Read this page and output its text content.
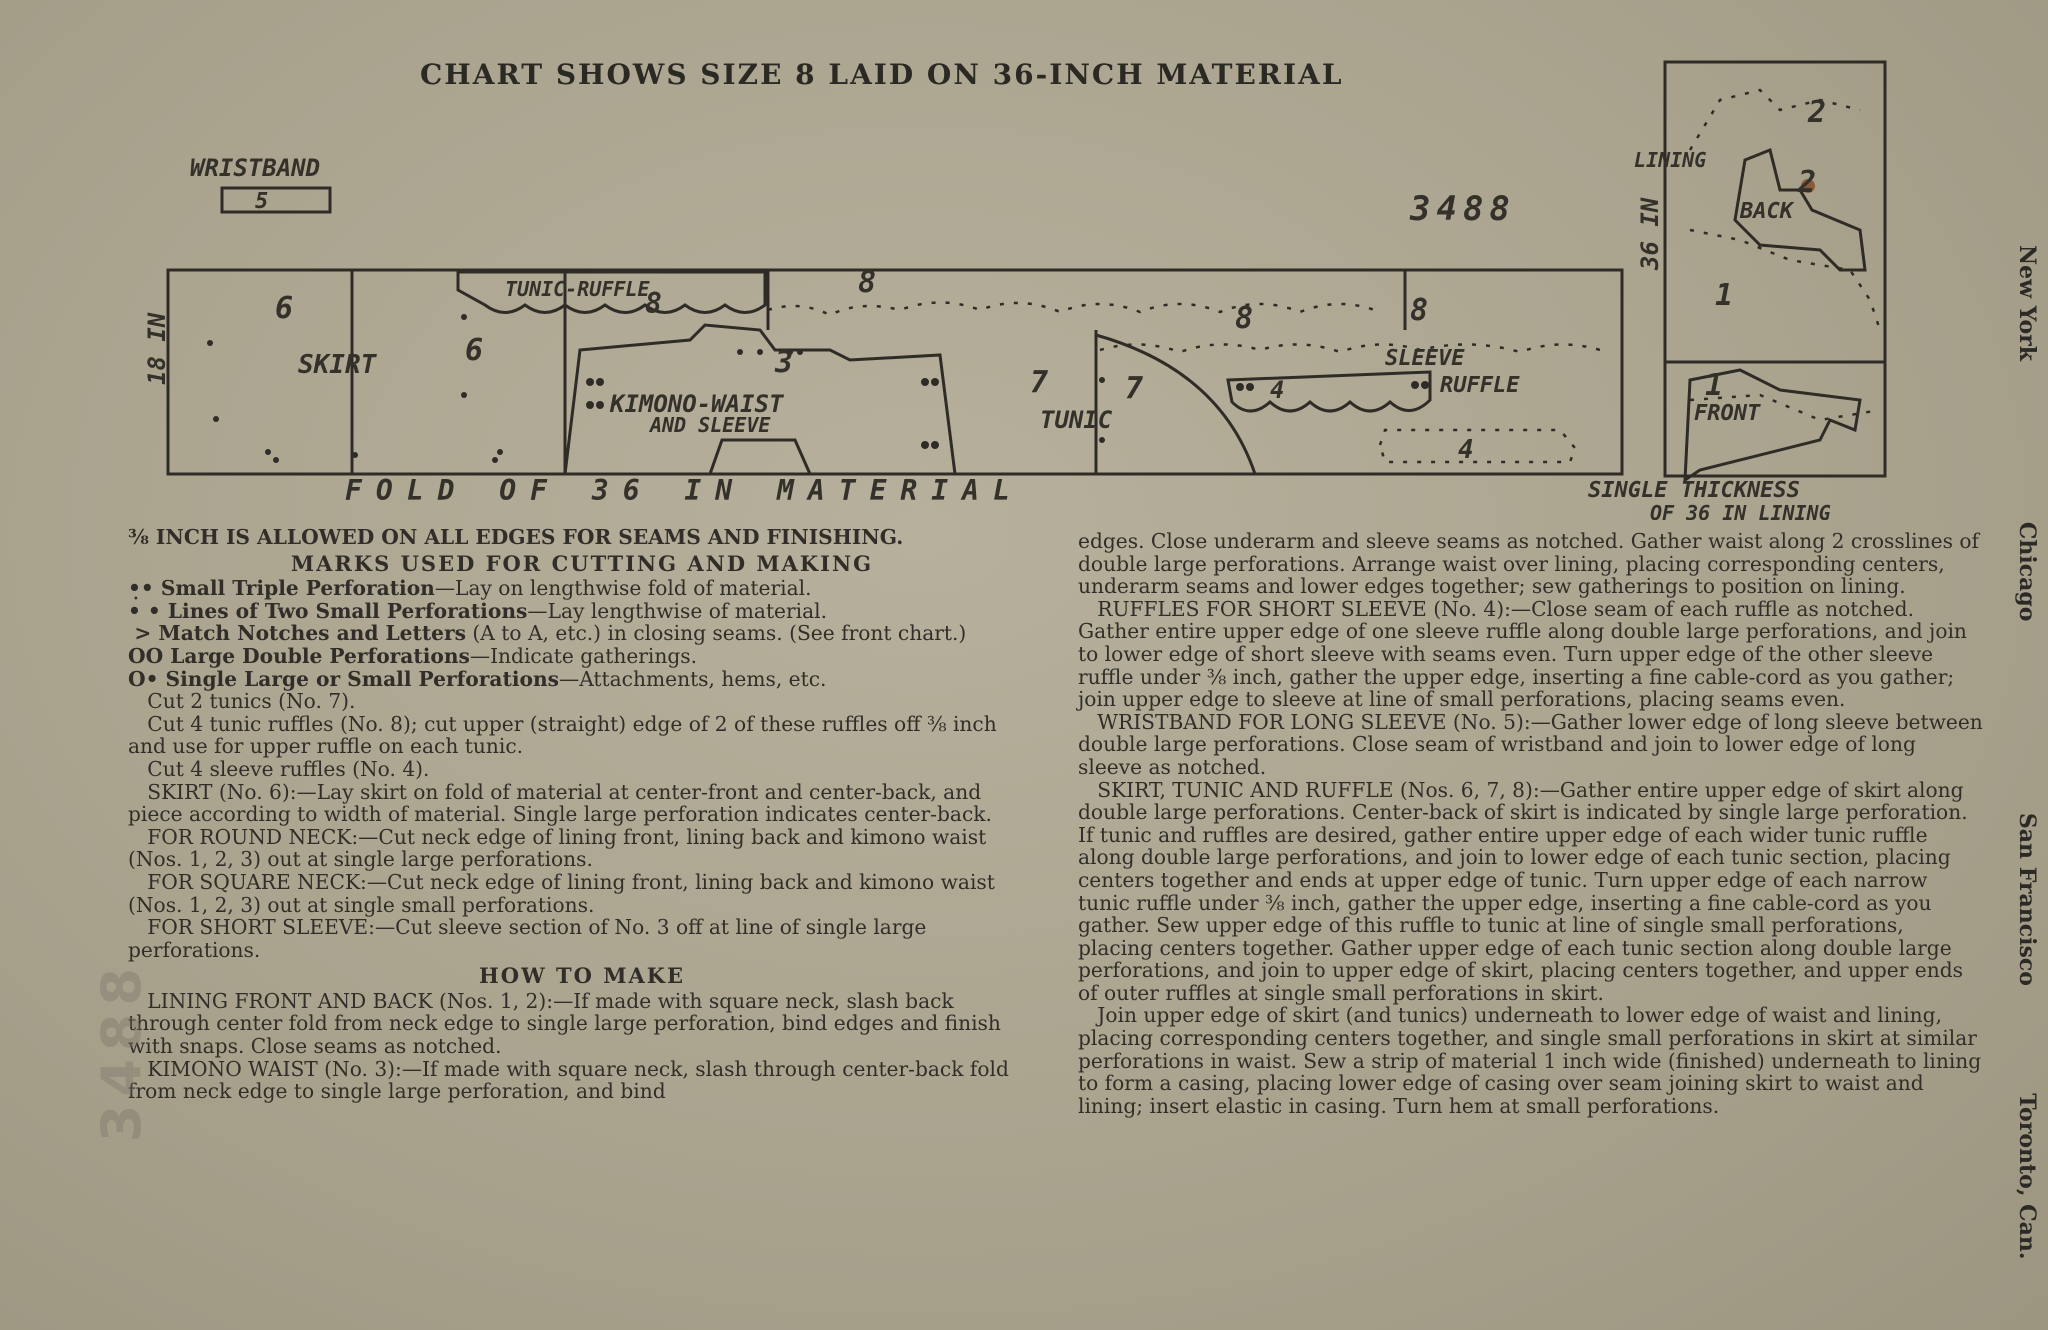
CHART SHOWS SIZE 8 LAID ON 36-INCH MATERIAL
WRISTBAND
5	3488
18 IN
FOLD OF 36 IN MATERIAL
6
SKIRT	6
TUNIC-RUFFLE
8
8
8	8
3
KIMONO-WAIST
AND SLEEVE
7	7
TUNIC
4
4
SLEEVE
RUFFLE
36 IN
LINING
2
2
BACK
1
1
FRONT
SINGLE THICKNESS
OF 36 IN LINING

⅜ INCH IS ALLOWED ON ALL EDGES FOR SEAMS AND FINISHING.

MARKS USED FOR CUTTING AND MAKING

•̣• Small Triple Perforation—Lay on lengthwise fold of material.

• • Lines of Two Small Perforations—Lay lengthwise of material.

> Match Notches and Letters (A to A, etc.) in closing seams. (See front chart.)

OO Large Double Perforations—Indicate gatherings.

O• Single Large or Small Perforations—Attachments, hems, etc.

Cut 2 tunics (No. 7).

Cut 4 tunic ruffles (No. 8); cut upper (straight) edge of 2 of these ruffles off ⅜ inch and use for upper ruffle on each tunic.

Cut 4 sleeve ruffles (No. 4).

SKIRT (No. 6):—Lay skirt on fold of material at center-front and center-back, and piece according to width of material. Single large perforation indicates center-back.

FOR ROUND NECK:—Cut neck edge of lining front, lining back and kimono waist (Nos. 1, 2, 3) out at single large perforations.

FOR SQUARE NECK:—Cut neck edge of lining front, lining back and kimono waist (Nos. 1, 2, 3) out at single small perforations.

FOR SHORT SLEEVE:—Cut sleeve section of No. 3 off at line of single large perforations.

HOW TO MAKE

LINING FRONT AND BACK (Nos. 1, 2):—If made with square neck, slash back through center fold from neck edge to single large perforation, bind edges and finish with snaps. Close seams as notched.

KIMONO WAIST (No. 3):—If made with square neck, slash through center-back fold from neck edge to single large perforation, and bind

edges. Close underarm and sleeve seams as notched. Gather waist along 2 crosslines of double large perforations. Arrange waist over lining, placing corresponding centers, underarm seams and lower edges together; sew gatherings to position on lining.

RUFFLES FOR SHORT SLEEVE (No. 4):—Close seam of each ruffle as notched. Gather entire upper edge of one sleeve ruffle along double large perforations, and join to lower edge of short sleeve with seams even. Turn upper edge of the other sleeve ruffle under ⅜ inch, gather the upper edge, inserting a fine cable-cord as you gather; join upper edge to sleeve at line of small perforations, placing seams even.

WRISTBAND FOR LONG SLEEVE (No. 5):—Gather lower edge of long sleeve between double large perforations. Close seam of wristband and join to lower edge of long sleeve as notched.

SKIRT, TUNIC AND RUFFLE (Nos. 6, 7, 8):—Gather entire upper edge of skirt along double large perforations. Center-back of skirt is indicated by single large perforation. If tunic and ruffles are desired, gather entire upper edge of each wider tunic ruffle along double large perforations, and join to lower edge of each tunic section, placing centers together and ends at upper edge of tunic. Turn upper edge of each narrow tunic ruffle under ⅜ inch, gather the upper edge, inserting a fine cable-cord as you gather. Sew upper edge of this ruffle to tunic at line of single small perforations, placing centers together. Gather upper edge of each tunic section along double large perforations, and join to upper edge of skirt, placing centers together, and upper ends of outer ruffles at single small perforations in skirt.

Join upper edge of skirt (and tunics) underneath to lower edge of waist and lining, placing corresponding centers together, and single small perforations in skirt at similar perforations in waist. Sew a strip of material 1 inch wide (finished) underneath to lining to form a casing, placing lower edge of casing over seam joining skirt to waist and lining; insert elastic in casing. Turn hem at small perforations.	New York                     Chicago                         San Francisco              Toronto, Can.
3488
